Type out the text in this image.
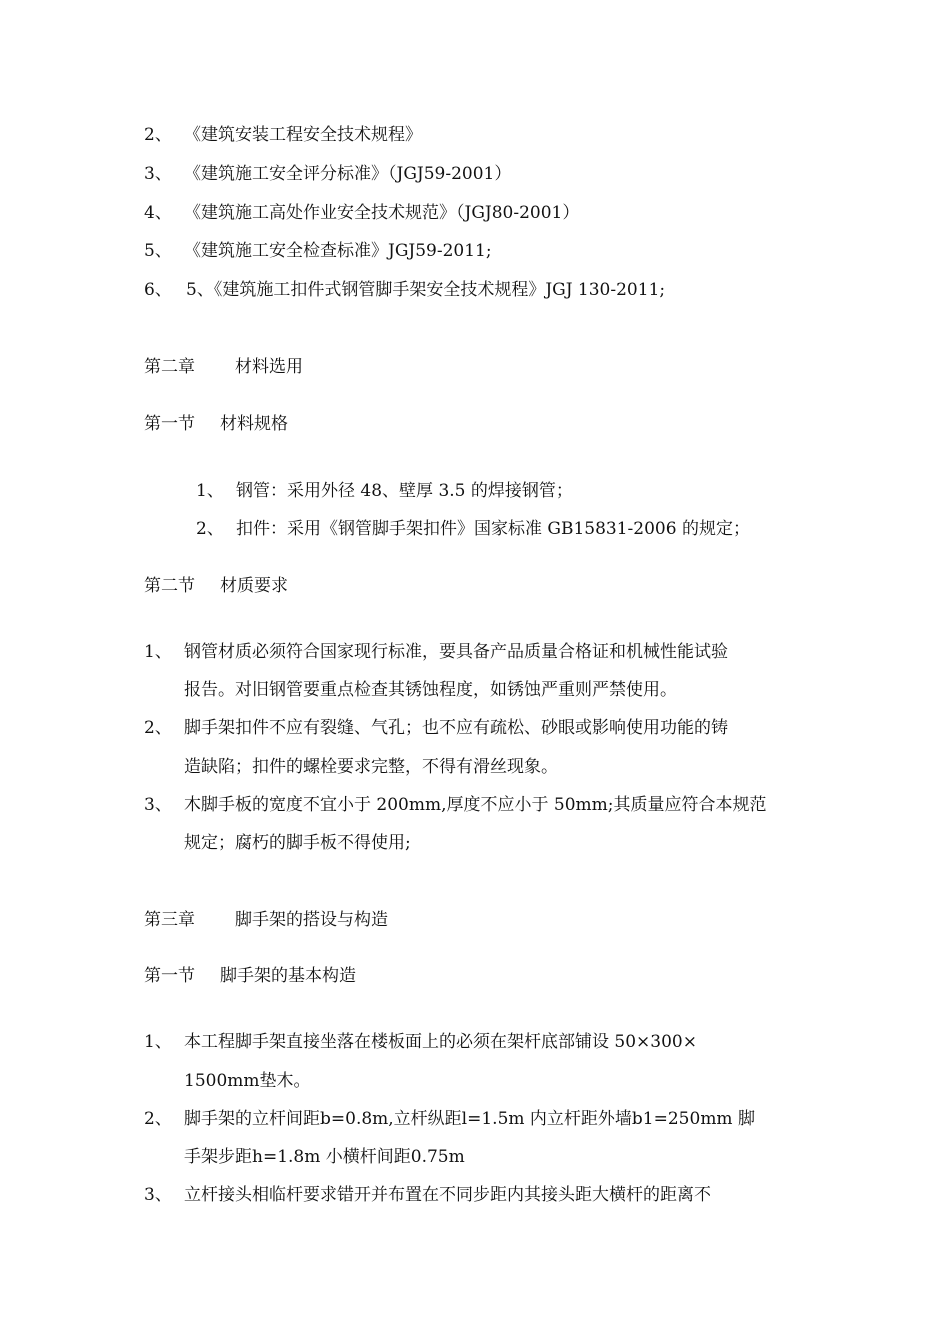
2、 《建筑安装工程安全技术规程》
3、 《建筑施工安全评分标准》（JGJ59-2001）
4、 《建筑施工高处作业安全技术规范》（JGJ80-2001）
5、 《建筑施工安全检查标准》JGJ59-2011;
6、 5、《建筑施工扣件式钢管脚手架安全技术规程》JGJ 130-2011;
第二章 材料选用
第一节 材料规格
1、 钢管：采用外径 48、壁厚 3.5 的焊接钢管；
2、 扣件：采用《钢管脚手架扣件》国家标准 GB15831-2006 的规定；
第二节 材质要求
1、 钢管材质必须符合国家现行标准，要具备产品质量合格证和机械性能试验
报告。对旧钢管要重点检查其锈蚀程度，如锈蚀严重则严禁使用。
2、 脚手架扣件不应有裂缝、气孔；也不应有疏松、砂眼或影响使用功能的铸
造缺陷；扣件的螺栓要求完整，不得有滑丝现象。
3、 木脚手板的宽度不宜小于 200mm,厚度不应小于 50mm;其质量应符合本规范
规定；腐朽的脚手板不得使用;
第三章 脚手架的搭设与构造
第一节 脚手架的基本构造
1、 本工程脚手架直接坐落在楼板面上的必须在架杆底部铺设 50×300×
1500mm垫木。
2、 脚手架的立杆间距b=0.8m,立杆纵距l=1.5m 内立杆距外墙b1=250mm 脚
手架步距h=1.8m 小横杆间距0.75m
3、 立杆接头相临杆要求错开并布置在不同步距内其接头距大横杆的距离不
